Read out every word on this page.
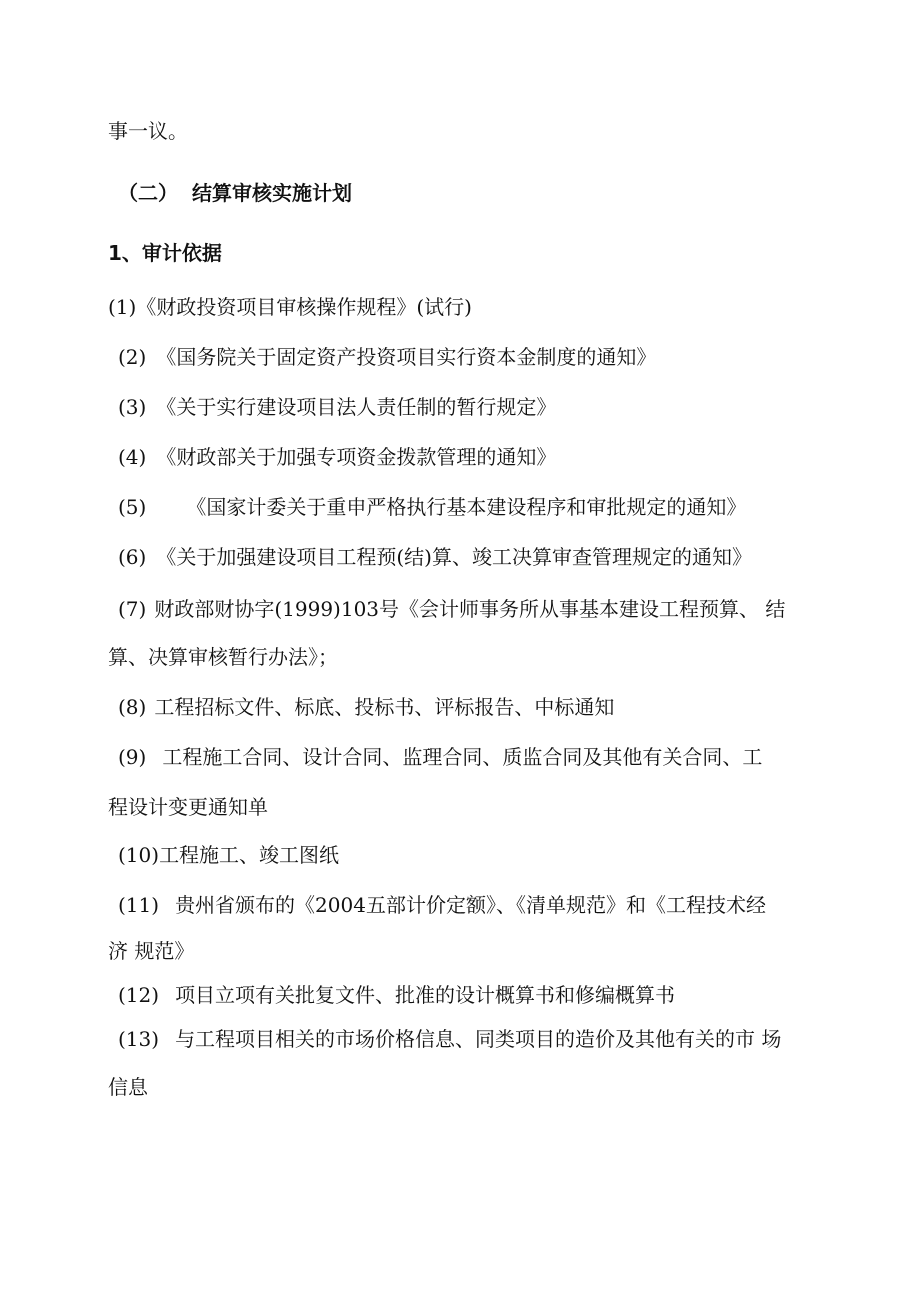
事一议。
（二） 结算审核实施计划
1、审计依据
(1)《财政投资项目审核操作规程》(试行)
(2) 《国务院关于固定资产投资项目实行资本金制度的通知》
(3) 《关于实行建设项目法人责任制的暂行规定》
(4) 《财政部关于加强专项资金拨款管理的通知》
(5) 《国家计委关于重申严格执行基本建设程序和审批规定的通知》
(6) 《关于加强建设项目工程预(结)算、竣工决算审查管理规定的通知》
(7) 财政部财协字(1999)103号《会计师事务所从事基本建设工程预算、 结
算、决算审核暂行办法》；
(8) 工程招标文件、标底、投标书、评标报告、中标通知
(9) 工程施工合同、设计合同、监理合同、质监合同及其他有关合同、工
程设计变更通知单
(10)工程施工、竣工图纸
(11) 贵州省颁布的《2004五部计价定额》、《清单规范》和《工程技术经
济 规范》
(12) 项目立项有关批复文件、批准的设计概算书和修编概算书
(13) 与工程项目相关的市场价格信息、同类项目的造价及其他有关的市 场
信息
